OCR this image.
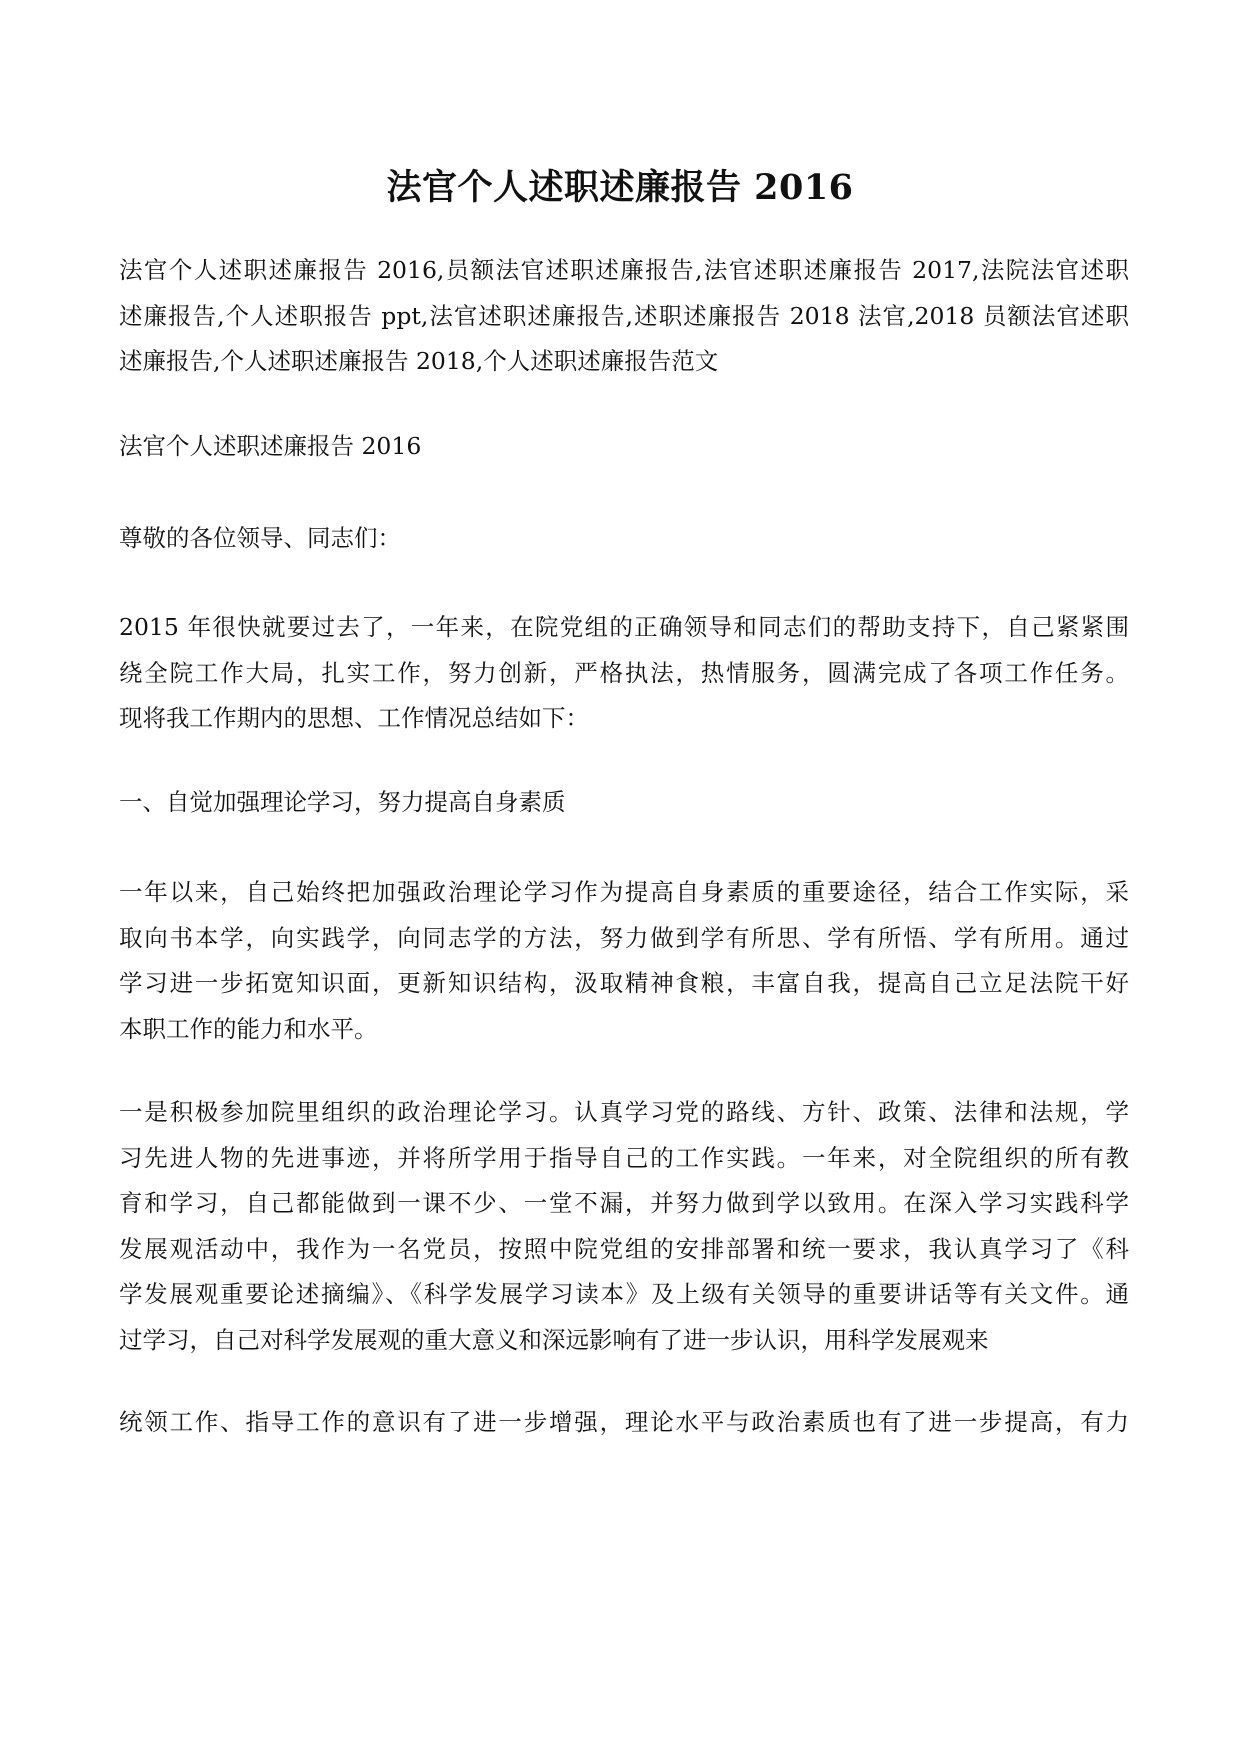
法官个人述职述廉报告 2016
法官个人述职述廉报告 2016,员额法官述职述廉报告,法官述职述廉报告 2017,法院法官述职
述廉报告,个人述职报告 ppt,法官述职述廉报告,述职述廉报告 2018 法官,2018 员额法官述职
述廉报告,个人述职述廉报告 2018,个人述职述廉报告范文
法官个人述职述廉报告 2016
尊敬的各位领导、同志们：
2015 年很快就要过去了，一年来，在院党组的正确领导和同志们的帮助支持下，自己紧紧围
绕全院工作大局，扎实工作，努力创新，严格执法，热情服务，圆满完成了各项工作任务。
现将我工作期内的思想、工作情况总结如下：
一、自觉加强理论学习，努力提高自身素质
一年以来，自己始终把加强政治理论学习作为提高自身素质的重要途径，结合工作实际，采
取向书本学，向实践学，向同志学的方法，努力做到学有所思、学有所悟、学有所用。通过
学习进一步拓宽知识面，更新知识结构，汲取精神食粮，丰富自我，提高自己立足法院干好
本职工作的能力和水平。
一是积极参加院里组织的政治理论学习。认真学习党的路线、方针、政策、法律和法规，学
习先进人物的先进事迹，并将所学用于指导自己的工作实践。一年来，对全院组织的所有教
育和学习，自己都能做到一课不少、一堂不漏，并努力做到学以致用。在深入学习实践科学
发展观活动中，我作为一名党员，按照中院党组的安排部署和统一要求，我认真学习了《科
学发展观重要论述摘编》、《科学发展学习读本》及上级有关领导的重要讲话等有关文件。通
过学习，自己对科学发展观的重大意义和深远影响有了进一步认识，用科学发展观来
统领工作、指导工作的意识有了进一步增强，理论水平与政治素质也有了进一步提高，有力
